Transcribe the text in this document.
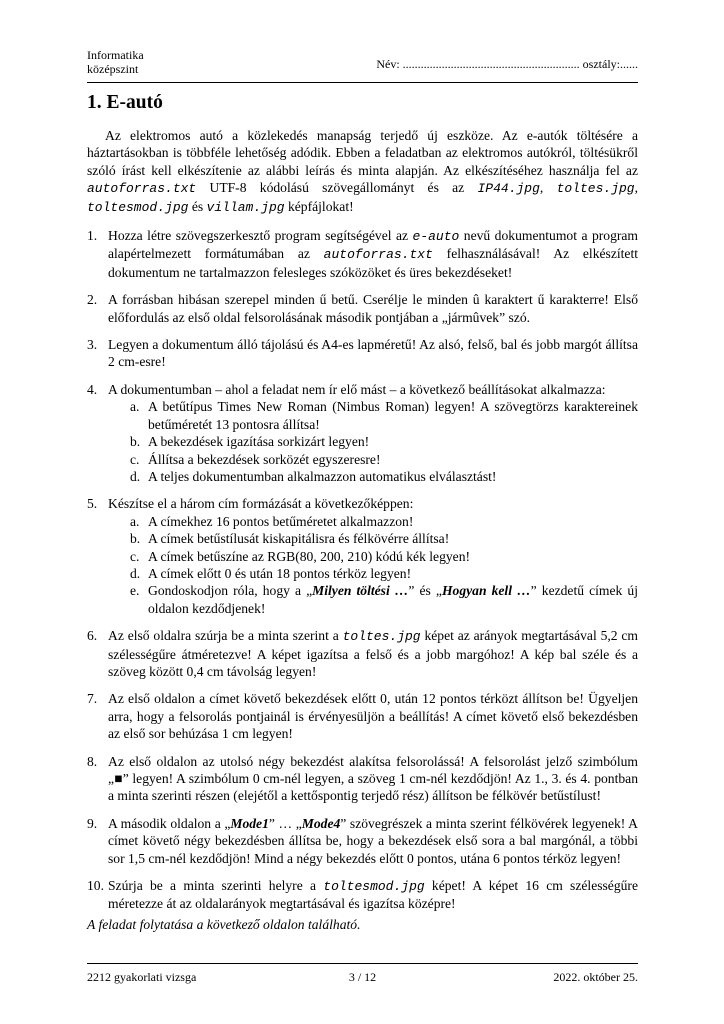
Informatika
középszint	Név: ........................................................... osztály:......
1. E-autó

Az elektromos autó a közlekedés manapság terjedő új eszköze. Az e-autók töltésére a háztartásokban is többféle lehetőség adódik. Ebben a feladatban az elektromos autókról, töltésükről szóló írást kell elkészítenie az alábbi leírás és minta alapján. Az elkészítéséhez használja fel az autoforras.txt UTF-8 kódolású szövegállományt és az IP44.jpg, toltes.jpg, toltesmod.jpg és villam.jpg képfájlokat!

1. Hozza létre szövegszerkesztő program segítségével az e-auto nevű dokumentumot a program alapértelmezett formátumában az autoforras.txt felhasználásával! Az elkészített dokumentum ne tartalmazzon felesleges szóközöket és üres bekezdéseket!
2. A forrásban hibásan szerepel minden ű betű. Cserélje le minden û karaktert ű karakterre! Első előfordulás az első oldal felsorolásának második pontjában a „jármûvek” szó.
3. Legyen a dokumentum álló tájolású és A4-es lapméretű! Az alsó, felső, bal és jobb margót állítsa 2 cm-esre!
4. A dokumentumban – ahol a feladat nem ír elő mást – a következő beállításokat alkalmazza:
a. A betűtípus Times New Roman (Nimbus Roman) legyen! A szövegtörzs karaktereinek betűméretét 13 pontosra állítsa!
b. A bekezdések igazítása sorkizárt legyen!
c. Állítsa a bekezdések sorközét egyszeresre!
d. A teljes dokumentumban alkalmazzon automatikus elválasztást!
5. Készítse el a három cím formázását a következőképpen:
a. A címekhez 16 pontos betűméretet alkalmazzon!
b. A címek betűstílusát kiskapitálisra és félkövérre állítsa!
c. A címek betűszíne az RGB(80, 200, 210) kódú kék legyen!
d. A címek előtt 0 és után 18 pontos térköz legyen!
e. Gondoskodjon róla, hogy a „Milyen töltési …” és „Hogyan kell …” kezdetű címek új oldalon kezdődjenek!
6. Az első oldalra szúrja be a minta szerint a toltes.jpg képet az arányok megtartásával 5,2 cm szélességűre átméretezve! A képet igazítsa a felső és a jobb margóhoz! A kép bal széle és a szöveg között 0,4 cm távolság legyen!
7. Az első oldalon a címet követő bekezdések előtt 0, után 12 pontos térközt állítson be! Ügyeljen arra, hogy a felsorolás pontjainál is érvényesüljön a beállítás! A címet követő első bekezdésben az első sor behúzása 1 cm legyen!
8. Az első oldalon az utolsó négy bekezdést alakítsa felsorolássá! A felsorolást jelző szimbólum „■” legyen! A szimbólum 0 cm-nél legyen, a szöveg 1 cm-nél kezdődjön! Az 1., 3. és 4. pontban a minta szerinti részen (elejétől a kettőspontig terjedő rész) állítson be félkövér betűstílust!
9. A második oldalon a „Mode1” … „Mode4” szövegrészek a minta szerint félkövérek legyenek! A címet követő négy bekezdésben állítsa be, hogy a bekezdések első sora a bal margónál, a többi sor 1,5 cm-nél kezdődjön! Mind a négy bekezdés előtt 0 pontos, utána 6 pontos térköz legyen!
10. Szúrja be a minta szerinti helyre a toltesmod.jpg képet! A képet 16 cm szélességűre méretezze át az oldalarányok megtartásával és igazítsa középre!
A feladat folytatása a következő oldalon található.
2212 gyakorlati vizsga	3 / 12	2022. október 25.
